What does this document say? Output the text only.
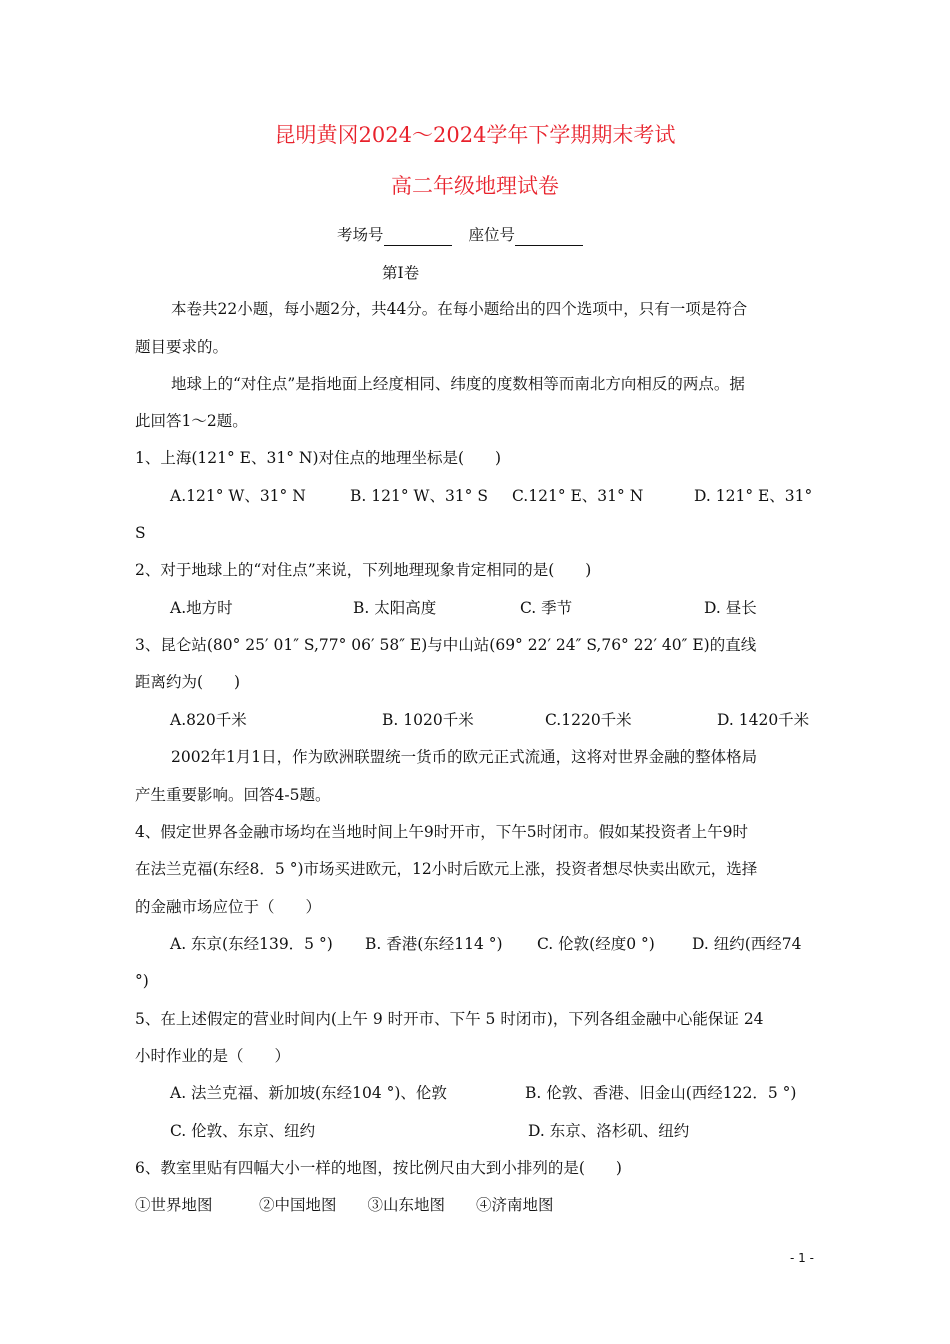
昆明黄冈2024～2024学年下学期期末考试
高二年级地理试卷
考场号	座位号
第Ⅰ卷
本卷共22小题，每小题2分，共44分。在每小题给出的四个选项中，只有一项是符合
题目要求的。
地球上的“对住点”是指地面上经度相同、纬度的度数相等而南北方向相反的两点。据
此回答1～2题。
1、上海(121° E、31° N)对住点的地理坐标是(　　)
A.121° W、31° N	B. 121° W、31° S C.121° E、31° N	D. 121° E、31°
S
2、对于地球上的“对住点”来说，下列地理现象肯定相同的是(　　)
A.地方时	B. 太阳高度	C. 季节	D. 昼长
3、昆仑站(80° 25′ 01″ S,77° 06′ 58″ E)与中山站(69° 22′ 24″ S,76° 22′ 40″ E)的直线
距离约为(　　)
A.820千米	B. 1020千米	C.1220千米	D. 1420千米
2002年1月1日，作为欧洲联盟统一货币的欧元正式流通，这将对世界金融的整体格局
产生重要影响。回答4-5题。
4、假定世界各金融市场均在当地时间上午9时开市，下午5时闭市。假如某投资者上午9时
在法兰克福(东经8．5 °)市场买进欧元，12小时后欧元上涨，投资者想尽快卖出欧元，选择
的金融市场应位于（　　）
A. 东京(东经139．5 °) B. 香港(东经114 °) C. 伦敦(经度0 °) D. 纽约(西经74
°)
5、在上述假定的营业时间内(上午 9 时开市、下午 5 时闭市)，下列各组金融中心能保证 24
小时作业的是（　　）
A. 法兰克福、新加坡(东经104 °)、伦敦	B. 伦敦、香港、旧金山(西经122．5 °)
C. 伦敦、东京、纽约	D. 东京、洛杉矶、纽约
6、教室里贴有四幅大小一样的地图，按比例尺由大到小排列的是(　　)
①世界地图　　　②中国地图　　③山东地图　　④济南地图
- 1 -
